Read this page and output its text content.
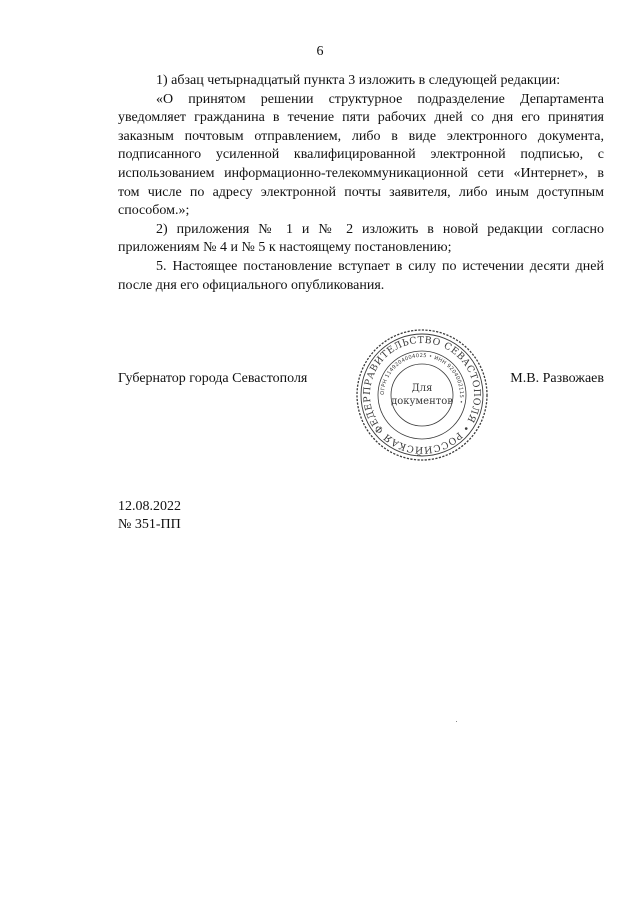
6

1) абзац четырнадцатый пункта 3 изложить в следующей редакции:

«О принятом решении структурное подразделение Департамента уведомляет гражданина в течение пяти рабочих дней со дня его принятия заказным почтовым отправлением, либо в виде электронного документа, подписанного усиленной квалифицированной электронной подписью, с использованием информационно-телекоммуникационной сети «Интернет», в том числе по адресу электронной почты заявителя, либо иным доступным способом.»;

2) приложения № 1 и № 2 изложить в новой редакции согласно приложениям № 4 и № 5 к настоящему постановлению;

5. Настоящее постановление вступает в силу по истечении десяти дней после дня его официального опубликования.

Губернатор города Севастополя	М.В. Развожаев
ПРАВИТЕЛЬСТВО СЕВАСТОПОЛЯ • РОССИЙСКАЯ ФЕДЕР
ОГРН 1149204004025 • ИНН 9204002115 •
Для
документов
12.08.2022
№ 351-ПП
